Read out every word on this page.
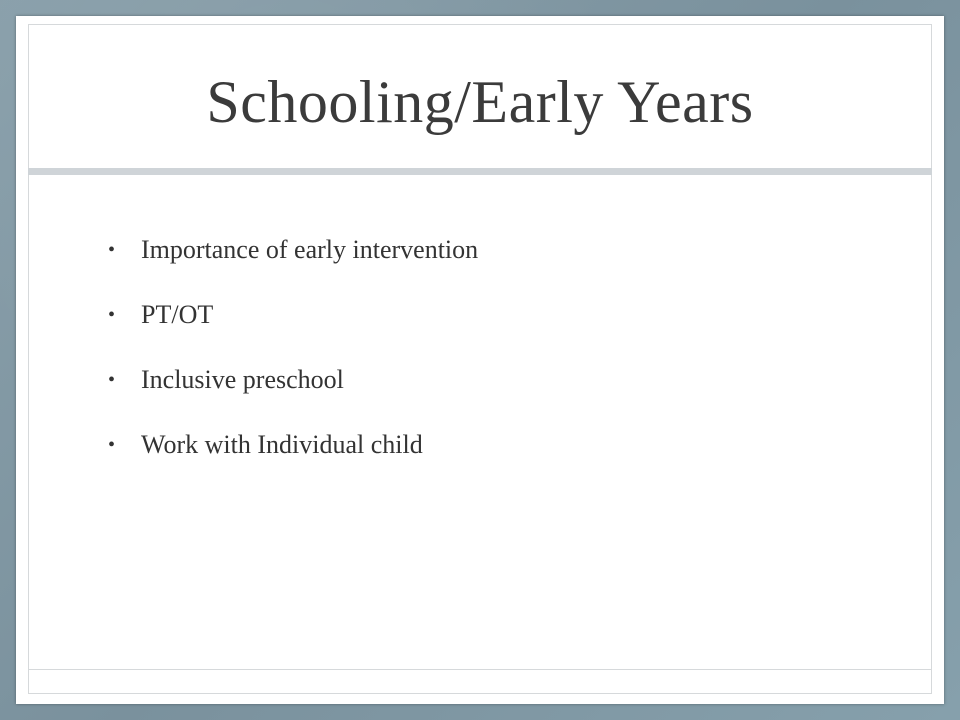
Schooling/Early Years
• Importance of early intervention
• PT/OT
• Inclusive preschool
• Work with Individual child
